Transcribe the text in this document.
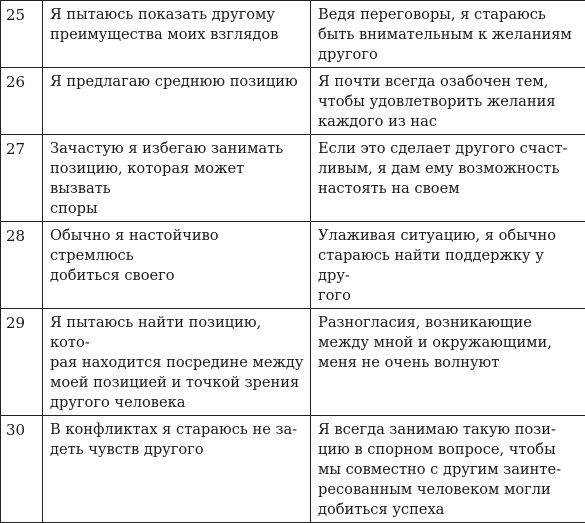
25	Я пытаюсь показать другому
преимущества моих взглядов	Ведя переговоры, я стараюсь
быть внимательным к желаниям
другого
26	Я предлагаю среднюю позицию	Я почти всегда озабочен тем,
чтобы удовлетворить желания
каждого из нас
27	Зачастую я избегаю занимать
позицию, которая может вызвать
споры	Если это сделает другого счаст-
ливым, я дам ему возможность
настоять на своем
28	Обычно я настойчиво стремлюсь
добиться своего	Улаживая ситуацию, я обычно
стараюсь найти поддержку у дру-
гого
29	Я пытаюсь найти позицию, кото-
рая находится посредине между
моей позицией и точкой зрения
другого человека	Разногласия, возникающие
между мной и окружающими,
меня не очень волнуют
30	В конфликтах я стараюсь не за-
деть чувств другого	Я всегда занимаю такую пози-
цию в спорном вопросе, чтобы
мы совместно с другим заинте-
ресованным человеком могли
добиться успеха
